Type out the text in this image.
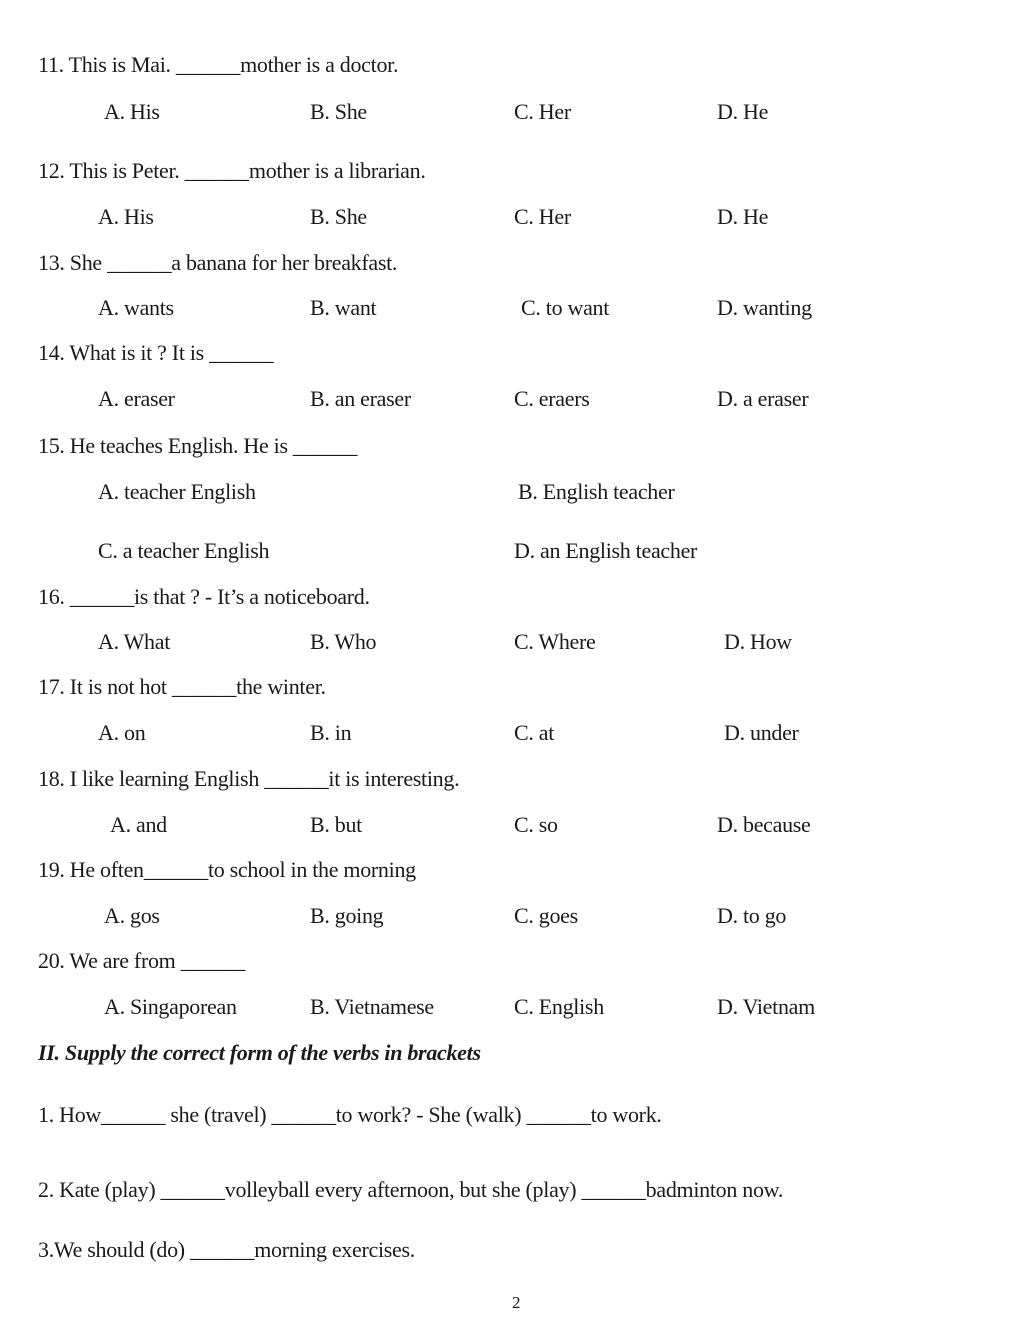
11. This is Mai. ______mother is a doctor.
A. His	B. She	C. Her	D. He
12. This is Peter. ______mother is a librarian.
A. His	B. She	C. Her	D. He
13. She ______a banana for her breakfast.
A. wants	B. want	C. to want	D. wanting
14. What is it ? It is ______
A. eraser	B. an eraser	C. eraers	D. a eraser
15. He teaches English. He is ______
A. teacher English	B. English teacher
C. a teacher English	D. an English teacher
16. ______is that ? - It’s a noticeboard.
A. What	B. Who	C. Where	D. How
17. It is not hot ______the winter.
A. on	B. in	C. at	D. under
18. I like learning English ______it is interesting.
A. and	B. but	C. so	D. because
19. He often______to school in the morning
A. gos	B. going	C. goes	D. to go
20. We are from ______
A. Singaporean	B. Vietnamese	C. English	D. Vietnam
II. Supply the correct form of the verbs in brackets
1. How______ she (travel) ______to work? - She (walk) ______to work.
2. Kate (play) ______volleyball every afternoon, but she (play) ______badminton now.
3.We should (do) ______morning exercises.
2
